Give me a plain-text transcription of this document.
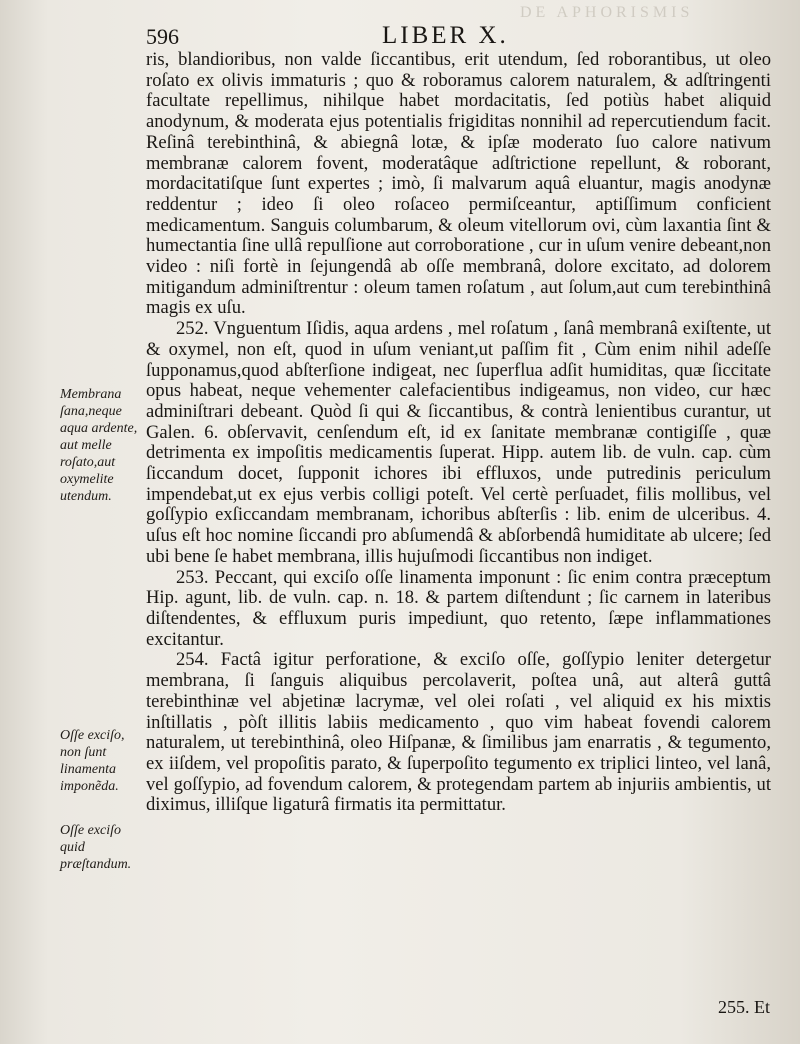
DE APHORISMIS
596	LIBER X.

ris, blandioribus, non valde ſiccantibus, erit utendum, ſed roborantibus, ut oleo roſato ex olivis immaturis ; quo & roboramus calorem naturalem, & adſtringenti facultate repellimus, nihilque habet mordacitatis, ſed potiùs habet aliquid anodynum, & moderata ejus potentialis frigiditas nonnihil ad repercutiendum facit. Reſinâ terebinthinâ, & abiegnâ lotæ, & ipſæ moderato ſuo calore nativum membranæ calorem fovent, moderatâque adſtrictione repellunt, & roborant, mordacitatiſque ſunt expertes ; imò, ſi malvarum aquâ eluantur, magis anodynæ reddentur ; ideo ſi oleo roſaceo permiſceantur, aptiſſimum conficient medicamentum. Sanguis columbarum, & oleum vitellorum ovi, cùm laxantia ſint & humectantia ſine ullâ repulſione aut corroboratione , cur in uſum venire debeant,non video : niſi fortè in ſejungendâ ab oſſe membranâ, dolore excitato, ad dolorem mitigandum adminiſtrentur : oleum tamen roſatum , aut ſolum,aut cum terebinthinâ magis ex uſu.

252. Vnguentum Iſidis, aqua ardens , mel roſatum , ſanâ membranâ exiſtente, ut & oxymel, non eſt, quod in uſum veniant,ut paſſim fit , Cùm enim nihil adeſſe ſupponamus,quod abſterſione indigeat, nec ſuperflua adſit humiditas, quæ ſiccitate opus habeat, neque vehementer calefacientibus indigeamus, non video, cur hæc adminiſtrari debeant. Quòd ſi qui & ſiccantibus, & contrà lenientibus curantur, ut Galen. 6. obſervavit, cenſendum eſt, id ex ſanitate membranæ contigiſſe , quæ detrimenta ex impoſitis medicamentis ſuperat. Hipp. autem lib. de vuln. cap. cùm ſiccandum docet, ſupponit ichores ibi effluxos, unde putredinis periculum impendebat,ut ex ejus verbis colligi poteſt. Vel certè perſuadet, filis mollibus, vel goſſypio exſiccandam membranam, ichoribus abſterſis : lib. enim de ulceribus. 4. uſus eſt hoc nomine ſiccandi pro abſumendâ & abſorbendâ humiditate ab ulcere; ſed ubi bene ſe habet membrana, illis hujuſmodi ſiccantibus non indiget.

253. Peccant, qui exciſo oſſe linamenta imponunt : ſic enim contra præceptum Hip. agunt, lib. de vuln. cap. n. 18. & partem diſtendunt ; ſic carnem in lateribus diſtendentes, & effluxum puris impediunt, quo retento, ſæpe inflammationes excitantur.

254. Factâ igitur perforatione, & exciſo oſſe, goſſypio leniter detergetur membrana, ſi ſanguis aliquibus percolaverit, poſtea unâ, aut alterâ guttâ terebinthinæ vel abjetinæ lacrymæ, vel olei roſati , vel aliquid ex his mixtis inſtillatis , pòſt illitis labiis medicamento , quo vim habeat fovendi calorem naturalem, ut terebinthinâ, oleo Hiſpanæ, & ſimilibus jam enarratis , & tegumento, ex iiſdem, vel propoſitis parato, & ſuperpoſito tegumento ex triplici linteo, vel lanâ, vel goſſypio, ad fovendum calorem, & protegendam partem ab injuriis ambientis, ut diximus, illiſque ligaturâ firmatis ita permittatur.

Membrana ſana,neque aqua ardente, aut melle roſato,aut oxymelite utendum.
Oſſe exciſo, non ſunt linamenta imponẽda.
Oſſe exciſo quid præſtandum.
255. Et
